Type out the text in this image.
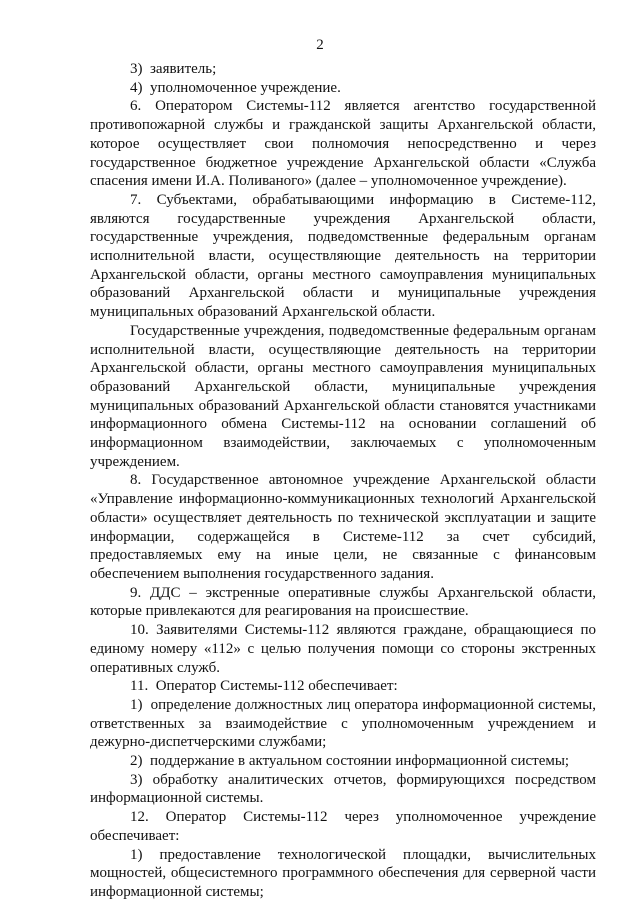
2

3)  заявитель;

4)  уполномоченное учреждение.

6. Оператором Системы-112 является агентство государственной противопожарной службы и гражданской защиты Архангельской области, которое осуществляет свои полномочия непосредственно и через государственное бюджетное учреждение Архангельской области «Служба спасения имени И.А. Поливаного» (далее – уполномоченное учреждение).

7. Субъектами, обрабатывающими информацию в Системе-112, являются государственные учреждения Архангельской области, государственные учреждения, подведомственные федеральным органам исполнительной власти, осуществляющие деятельность на территории Архангельской области, органы местного самоуправления муниципальных образований Архангельской области и муниципальные учреждения муниципальных образований Архангельской области.

Государственные учреждения, подведомственные федеральным органам исполнительной власти, осуществляющие деятельность на территории Архангельской области, органы местного самоуправления муниципальных образований Архангельской области, муниципальные учреждения муниципальных образований Архангельской области становятся участниками информационного обмена Системы-112 на основании соглашений об информационном взаимодействии, заключаемых с уполномоченным учреждением.

8. Государственное автономное учреждение Архангельской области «Управление информационно-коммуникационных технологий Архангельской области» осуществляет деятельность по технической эксплуатации и защите информации, содержащейся в Системе-112 за счет субсидий, предоставляемых ему на иные цели, не связанные с финансовым обеспечением выполнения государственного задания.

9. ДДС – экстренные оперативные службы Архангельской области, которые привлекаются для реагирования на происшествие.

10. Заявителями Системы-112 являются граждане, обращающиеся по единому номеру «112» с целью получения помощи со стороны экстренных оперативных служб.

11.  Оператор Системы-112 обеспечивает:

1)  определение должностных лиц оператора информационной системы, ответственных за взаимодействие с уполномоченным учреждением и дежурно-диспетчерскими службами;

2)  поддержание в актуальном состоянии информационной системы;

3) обработку аналитических отчетов, формирующихся посредством информационной системы.

12. Оператор Системы-112 через уполномоченное учреждение обеспечивает:

1) предоставление технологической площадки, вычислительных мощностей, общесистемного программного обеспечения для серверной части информационной системы;
